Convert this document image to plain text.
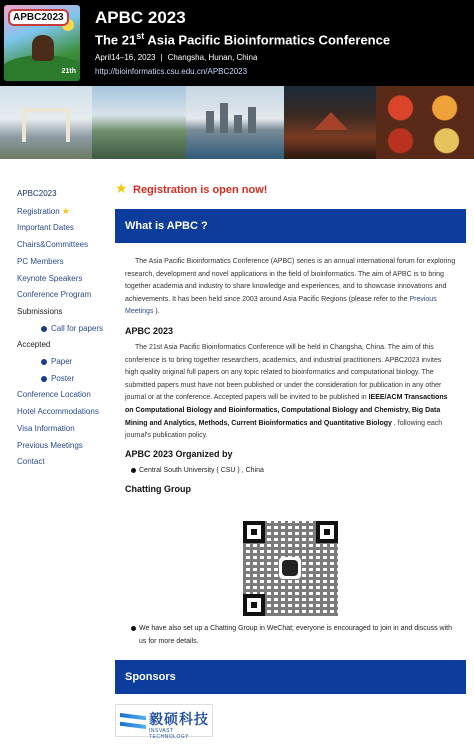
APBC2023
21th
APBC 2023
The 21st Asia Pacific Bioinformatics Conference
April14–16, 2023 | Changsha, Hunan, China
http://bioinformatics.csu.edu.cn/APBC2023
APBC2023
Registration ★
Important Dates
Chairs&Committees
PC Members
Keynote Speakers
Conference Program
Submissions
Call for papers
Accepted
Paper
Poster
Conference Location
Hotel Accommodations
Visa Information
Previous Meetings
Contact
★ Registration is open now!
What is APBC ?

The Asia Pacific Bioinformatics Conference (APBC) series is an annual international forum for exploring research, development and novel applications in the field of bioinformatics. The aim of APBC is to bring together academia and industry to share knowledge and experiences, and to showcase innovations and achievements. It has been held since 2003 around Asia Pacific Regions (please refer to the Previous Meetings ).

APBC 2023

The 21st Asia Pacific Bioinformatics Conference will be held in Changsha, China. The aim of this conference is to bring together researchers, academics, and industrial practitioners. APBC2023 invites high quality original full papers on any topic related to bioinformatics and computational biology. The submitted papers must have not been published or under the consideration for publication in any other journal or at the conference. Accepted papers will be invited to be published in IEEE/ACM Transactions on Computational Biology and Bioinformatics, Computational Biology and Chemistry, Big Data Mining and Analytics, Methods, Current Bioinformatics and Quantitative Biology , following each journal's publication policy.

APBC 2023 Organized by
Central South University ( CSU ) , China
Chatting Group
We have also set up a Chatting Group in WeChat; everyone is encouraged to join in and discuss with us for more details.
Sponsors
毅硕科技
INSVAST TECHNOLOGY
